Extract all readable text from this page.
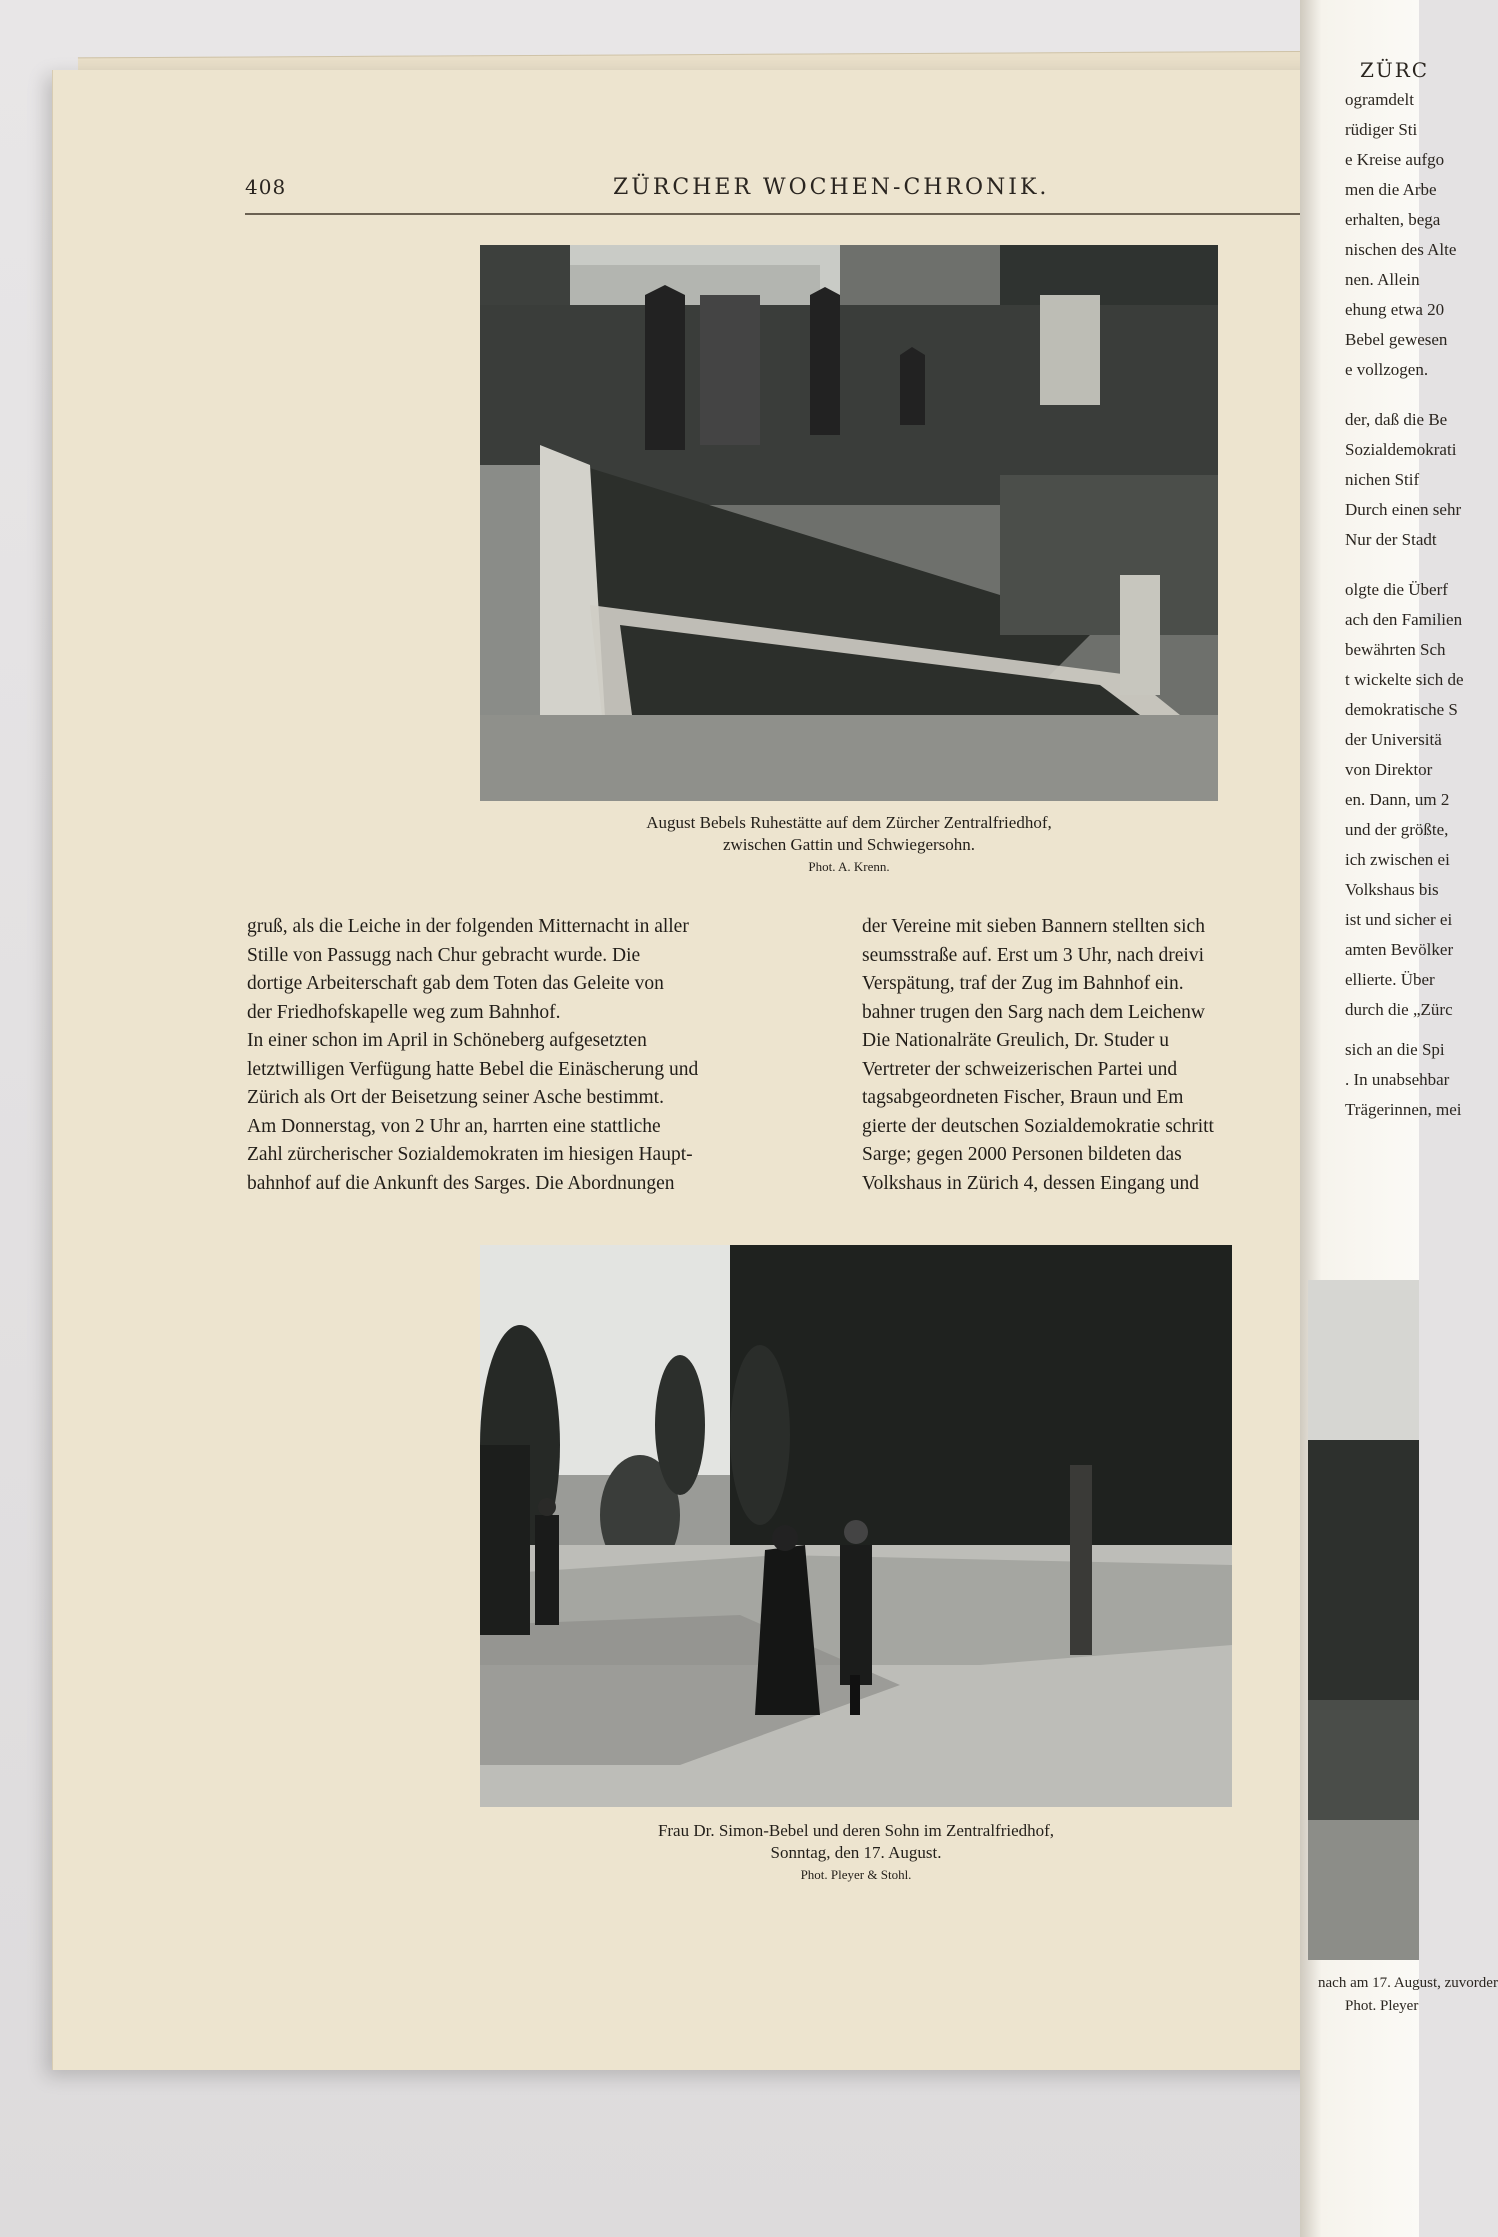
408	ZÜRCHER WOCHEN-CHRONIK.
August Bebels Ruhestätte auf dem Zürcher Zentralfriedhof,
zwischen Gattin und Schwiegersohn.
Phot. A. Krenn.
gruß, als die Leiche in der folgenden Mitternacht in aller
Stille von Passugg nach Chur gebracht wurde. Die
dortige Arbeiterschaft gab dem Toten das Geleite von
der Friedhofskapelle weg zum Bahnhof.
In einer schon im April in Schöneberg aufgesetzten
letztwilligen Verfügung hatte Bebel die Einäscherung und
Zürich als Ort der Beisetzung seiner Asche bestimmt.
Am Donnerstag, von 2 Uhr an, harrten eine stattliche
Zahl zürcherischer Sozialdemokraten im hiesigen Haupt-
bahnhof auf die Ankunft des Sarges. Die Abordnungen
der Vereine mit sieben Bannern stellten sich
seumsstraße auf. Erst um 3 Uhr, nach dreivi
Verspätung, traf der Zug im Bahnhof ein.
bahner trugen den Sarg nach dem Leichenw
Die Nationalräte Greulich, Dr. Studer u
Vertreter der schweizerischen Partei und
tagsabgeordneten Fischer, Braun und Em
gierte der deutschen Sozialdemokratie schritt
Sarge; gegen 2000 Personen bildeten das
Volkshaus in Zürich 4, dessen Eingang und
Frau Dr. Simon-Bebel und deren Sohn im Zentralfriedhof,
Sonntag, den 17. August.
Phot. Pleyer & Stohl.
ogramdelt
rüdiger Sti
e Kreise aufgo
men die Arbe
erhalten, bega
nischen des Alte
nen. Allein
ehung etwa 20
Bebel gewesen
e vollzogen.
der, daß die Be
Sozialdemokrati
nichen Stif
Durch einen sehr
Nur der Stadt
olgte die Überf
ach den Familien
bewährten Sch
t wickelte sich de
demokratische S
der Universitä
von Direktor
en. Dann, um 2
und der größte,
ich zwischen ei
Volkshaus bis
ist und sicher ei
amten Bevölker
ellierte. Über
durch die „Zürc
sich an die Spi
. In unabsehbar
Trägerinnen, mei
ZÜRC
nach am 17. August, zuvorder
Phot. Pleyer
